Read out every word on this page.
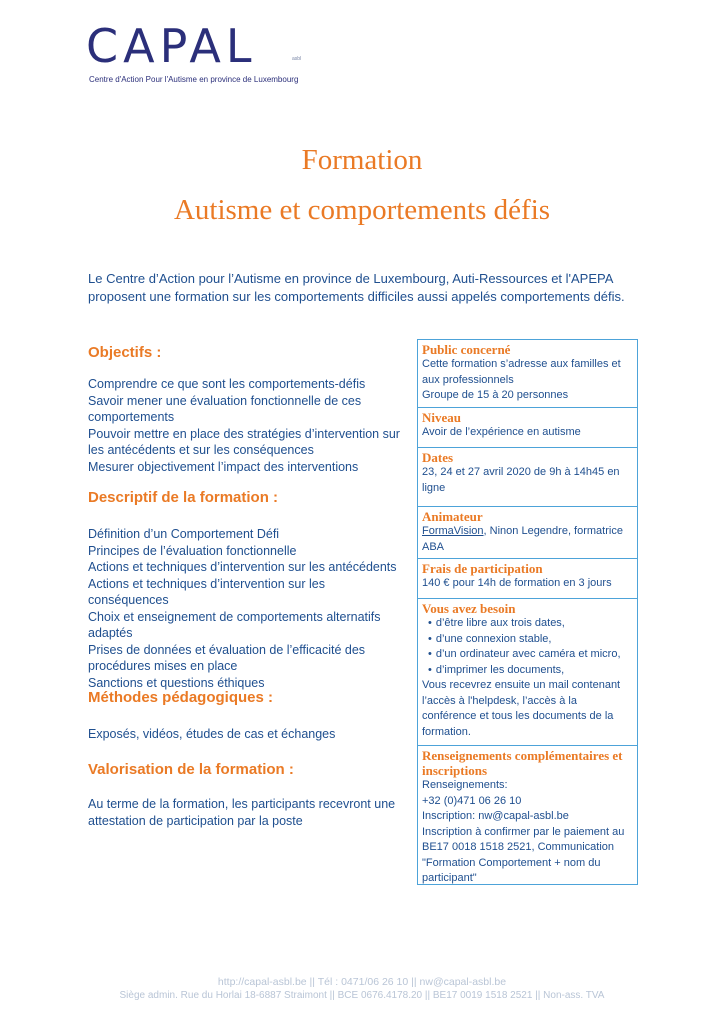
CAPAL	asbl
Centre d'Action Pour l'Autisme en province de Luxembourg
Formation
Autisme et comportements défis
Le Centre d’Action pour l’Autisme en province de Luxembourg, Auti-Ressources et l'APEPA proposent une formation sur les comportements difficiles aussi appelés comportements défis.
Objectifs :
Comprendre ce que sont les comportements-défis
Savoir mener une évaluation fonctionnelle de ces comportements
Pouvoir mettre en place des stratégies d’intervention sur les antécédents et sur les conséquences
Mesurer objectivement l’impact des interventions
Descriptif de la formation :
Définition d’un Comportement Défi
Principes de l’évaluation fonctionnelle
Actions et techniques d’intervention sur les antécédents
Actions et techniques d’intervention sur les conséquences
Choix et enseignement de comportements alternatifs adaptés
Prises de données et évaluation de l’efficacité des procédures mises en place
Sanctions et questions éthiques
Méthodes pédagogiques :
Exposés, vidéos, études de cas et échanges
Valorisation de la formation :
Au terme de la formation, les participants recevront une attestation de participation par la poste
Public concerné
Cette formation s’adresse aux familles et aux professionnels
Groupe de 15 à 20 personnes
Niveau
Avoir de l’expérience en autisme
Dates
23, 24 et 27 avril 2020 de 9h à 14h45 en ligne
Animateur
FormaVision, Ninon Legendre, formatrice ABA
Frais de participation
140 € pour 14h de formation en 3 jours
Vous avez besoin
• d’être libre aux trois dates,
• d’une connexion stable,
• d’un ordinateur avec caméra et micro,
• d’imprimer les documents,
Vous recevrez ensuite un mail contenant l’accès à l'helpdesk, l’accès à la conférence et tous les documents de la formation.
Renseignements complémentaires et inscriptions
Renseignements:
+32 (0)471 06 26 10
Inscription: nw@capal-asbl.be
Inscription à confirmer par le paiement au BE17 0018 1518 2521, Communication "Formation Comportement + nom du participant"
http://capal-asbl.be || Tél : 0471/06 26 10 || nw@capal-asbl.be
Siège admin. Rue du Horlai 18-6887 Straimont || BCE 0676.4178.20 || BE17 0019 1518 2521 || Non-ass. TVA
